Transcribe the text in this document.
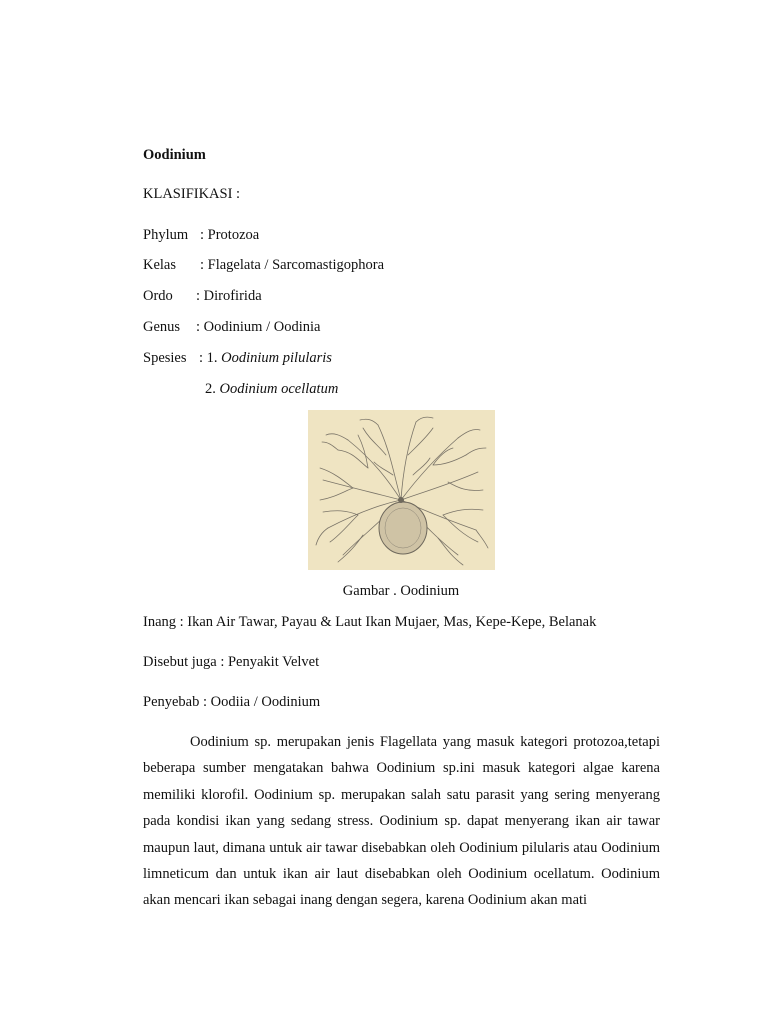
Oodinium
KLASIFIKASI :
Phylum : Protozoa
Kelas : Flagelata / Sarcomastigophora
Ordo : Dirofirida
Genus : Oodinium / Oodinia
Spesies : 1. Oodinium pilularis
2. Oodinium ocellatum
Gambar . Oodinium
Inang : Ikan Air Tawar, Payau & Laut Ikan Mujaer, Mas, Kepe-Kepe, Belanak
Disebut juga : Penyakit Velvet
Penyebab : Oodiia / Oodinium
Oodinium sp. merupakan jenis Flagellata yang masuk kategori protozoa,tetapi beberapa sumber mengatakan bahwa Oodinium sp.ini masuk kategori algae karena memiliki klorofil. Oodinium sp. merupakan salah satu parasit yang sering menyerang pada kondisi ikan yang sedang stress. Oodinium sp. dapat menyerang ikan air tawar maupun laut, dimana untuk air tawar disebabkan oleh Oodinium pilularis atau Oodinium limneticum dan untuk ikan air laut disebabkan oleh Oodinium ocellatum. Oodinium akan mencari ikan sebagai inang dengan segera, karena Oodinium akan mati
